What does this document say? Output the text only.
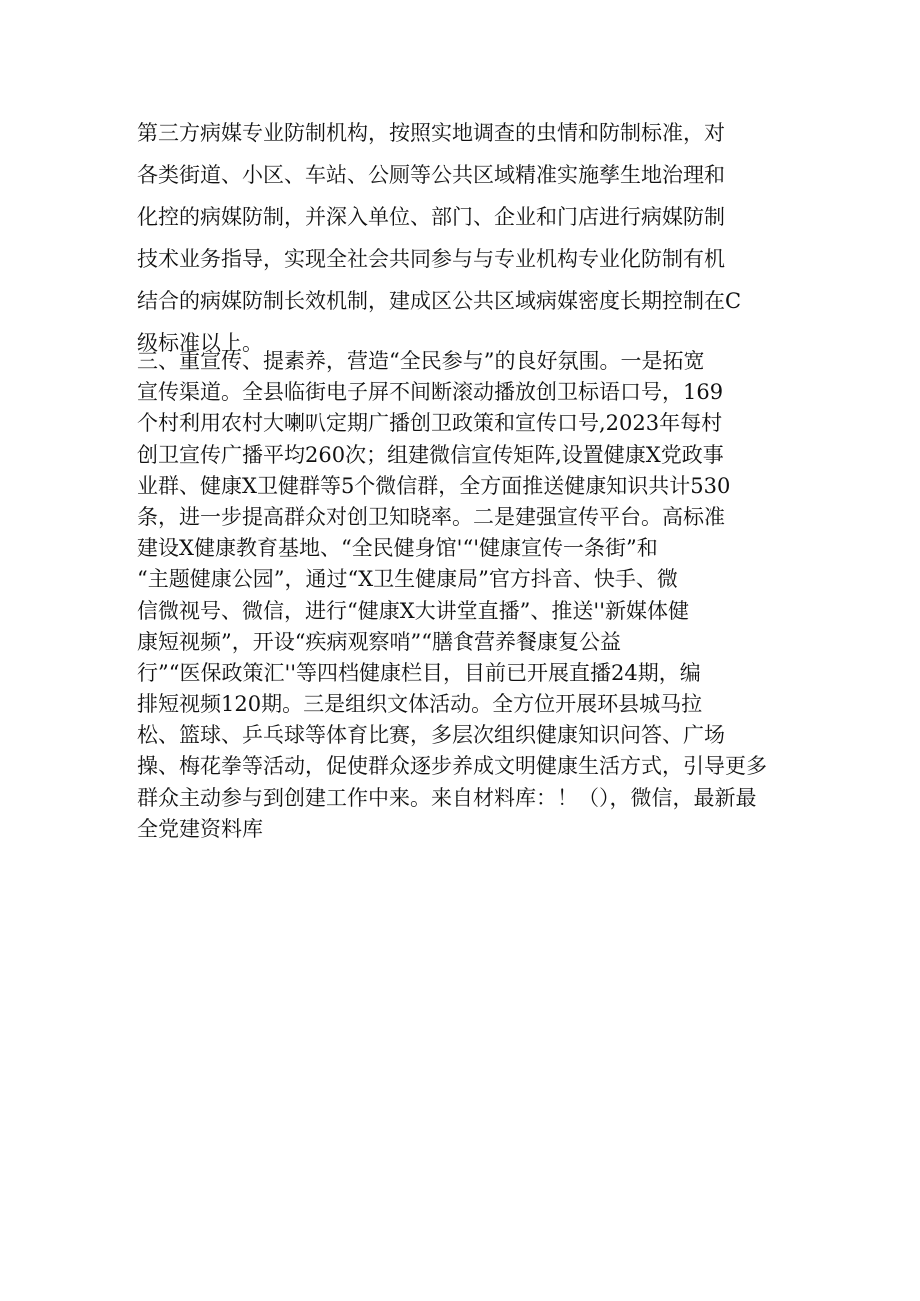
第三方病媒专业防制机构，按照实地调查的虫情和防制标准，对
各类街道、小区、车站、公厕等公共区域精准实施孳生地治理和
化控的病媒防制，并深入单位、部门、企业和门店进行病媒防制
技术业务指导，实现全社会共同参与与专业机构专业化防制有机
结合的病媒防制长效机制，建成区公共区域病媒密度长期控制在C
级标准以上。
三、重宣传、提素养，营造“全民参与”的良好氛围。一是拓宽
宣传渠道。全县临街电子屏不间断滚动播放创卫标语口号，169
个村利用农村大喇叭定期广播创卫政策和宣传口号,2023年每村
创卫宣传广播平均260次；组建微信宣传矩阵,设置健康X党政事
业群、健康X卫健群等5个微信群，全方面推送健康知识共计530
条，进一步提高群众对创卫知晓率。二是建强宣传平台。高标准
建设X健康教育基地、“全民健身馆'“'健康宣传一条街”和
“主题健康公园”，通过“X卫生健康局”官方抖音、快手、微
信微视号、微信，进行“健康X大讲堂直播”、推送''新媒体健
康短视频”，开设“疾病观察哨”“膳食营养餐康复公益
行”“医保政策汇''等四档健康栏目，目前已开展直播24期，编
排短视频120期。三是组织文体活动。全方位开展环县城马拉
松、篮球、乒乓球等体育比赛，多层次组织健康知识问答、广场
操、梅花拳等活动，促使群众逐步养成文明健康生活方式，引导更多
群众主动参与到创建工作中来。来自材料库：！（），微信，最新最
全党建资料库
